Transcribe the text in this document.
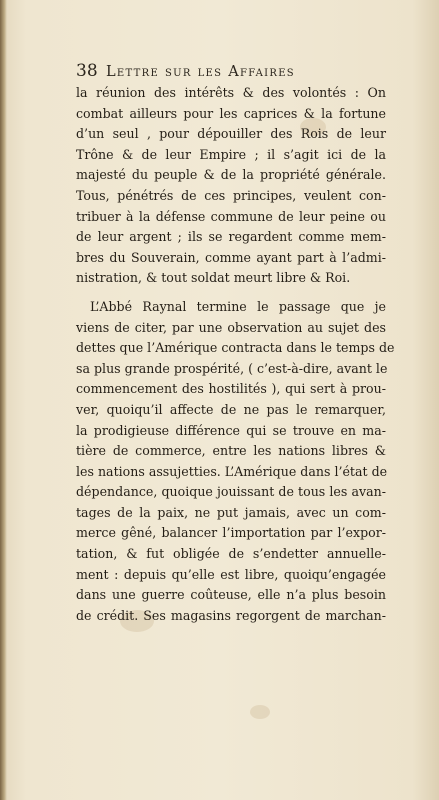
38 Lettre sur les Affaires
la réunion des intérêts & des volontés : On
combat ailleurs pour les caprices & la fortune
d’un seul , pour dépouiller des Rois de leur
Trône & de leur Empire ; il s’agit ici de la
majesté du peuple & de la propriété générale.
Tous, pénétrés de ces principes, veulent con-
tribuer à la défense commune de leur peine ou
de leur argent ; ils se regardent comme mem-
bres du Souverain, comme ayant part à l’admi-
nistration, & tout soldat meurt libre & Roi.
L’Abbé Raynal termine le passage que je
viens de citer, par une observation au sujet des
dettes que l’Amérique contracta dans le temps de
sa plus grande prospérité, ( c’est-à-dire, avant le
commencement des hostilités ), qui sert à prou-
ver, quoiqu’il affecte de ne pas le remarquer,
la prodigieuse différence qui se trouve en ma-
tière de commerce, entre les nations libres &
les nations assujetties. L’Amérique dans l’état de
dépendance, quoique jouissant de tous les avan-
tages de la paix, ne put jamais, avec un com-
merce gêné, balancer l’importation par l’expor-
tation, & fut obligée de s’endetter annuelle-
ment : depuis qu’elle est libre, quoiqu’engagée
dans une guerre coûteuse, elle n’a plus besoin
de crédit. Ses magasins regorgent de marchan-
